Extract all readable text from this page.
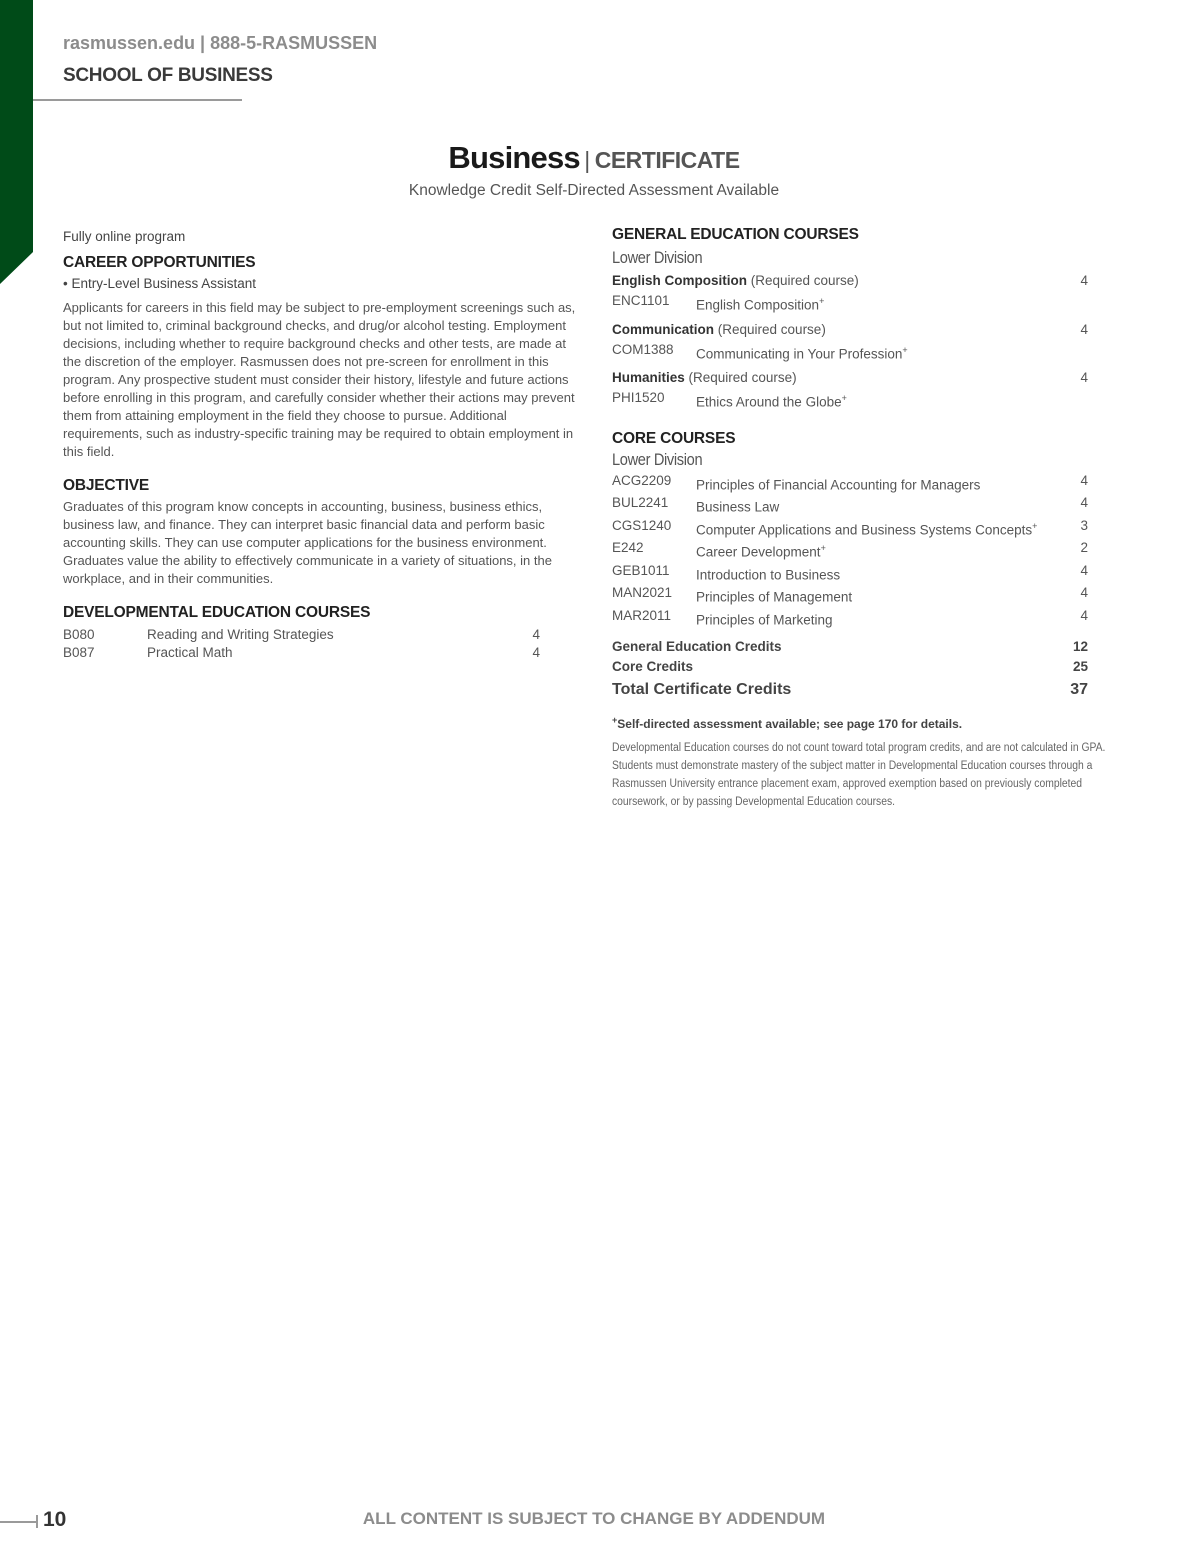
rasmussen.edu | 888-5-RASMUSSEN
SCHOOL OF BUSINESS
Business | CERTIFICATE
Knowledge Credit Self-Directed Assessment Available
Fully online program
CAREER OPPORTUNITIES
• Entry-Level Business Assistant
Applicants for careers in this field may be subject to pre-employment screenings such as, but not limited to, criminal background checks, and drug/or alcohol testing. Employment decisions, including whether to require background checks and other tests, are made at the discretion of the employer. Rasmussen does not pre-screen for enrollment in this program. Any prospective student must consider their history, lifestyle and future actions before enrolling in this program, and carefully consider whether their actions may prevent them from attaining employment in the field they choose to pursue. Additional requirements, such as industry-specific training may be required to obtain employment in this field.
OBJECTIVE
Graduates of this program know concepts in accounting, business, business ethics, business law, and finance. They can interpret basic financial data and perform basic accounting skills. They can use computer applications for the business environment. Graduates value the ability to effectively communicate in a variety of situations, in the workplace, and in their communities.
DEVELOPMENTAL EDUCATION COURSES
B080	Reading and Writing Strategies	4
B087	Practical Math	4
GENERAL EDUCATION COURSES
Lower Division
English Composition (Required course)	4
ENC1101	English Composition+
Communication (Required course)	4
COM1388	Communicating in Your Profession+
Humanities (Required course)	4
PHI1520	Ethics Around the Globe+
CORE COURSES
Lower Division
ACG2209	Principles of Financial Accounting for Managers	4
BUL2241	Business Law	4
CGS1240	Computer Applications and Business Systems Concepts+	3
E242	Career Development+	2
GEB1011	Introduction to Business	4
MAN2021	Principles of Management	4
MAR2011	Principles of Marketing	4
General Education Credits	12
Core Credits	25
Total Certificate Credits	37
+Self-directed assessment available; see page 170 for details.
Developmental Education courses do not count toward total program credits, and are not calculated in GPA. Students must demonstrate mastery of the subject matter in Developmental Education courses through a Rasmussen University entrance placement exam, approved exemption based on previously completed coursework, or by passing Developmental Education courses.
10	ALL CONTENT IS SUBJECT TO CHANGE BY ADDENDUM
